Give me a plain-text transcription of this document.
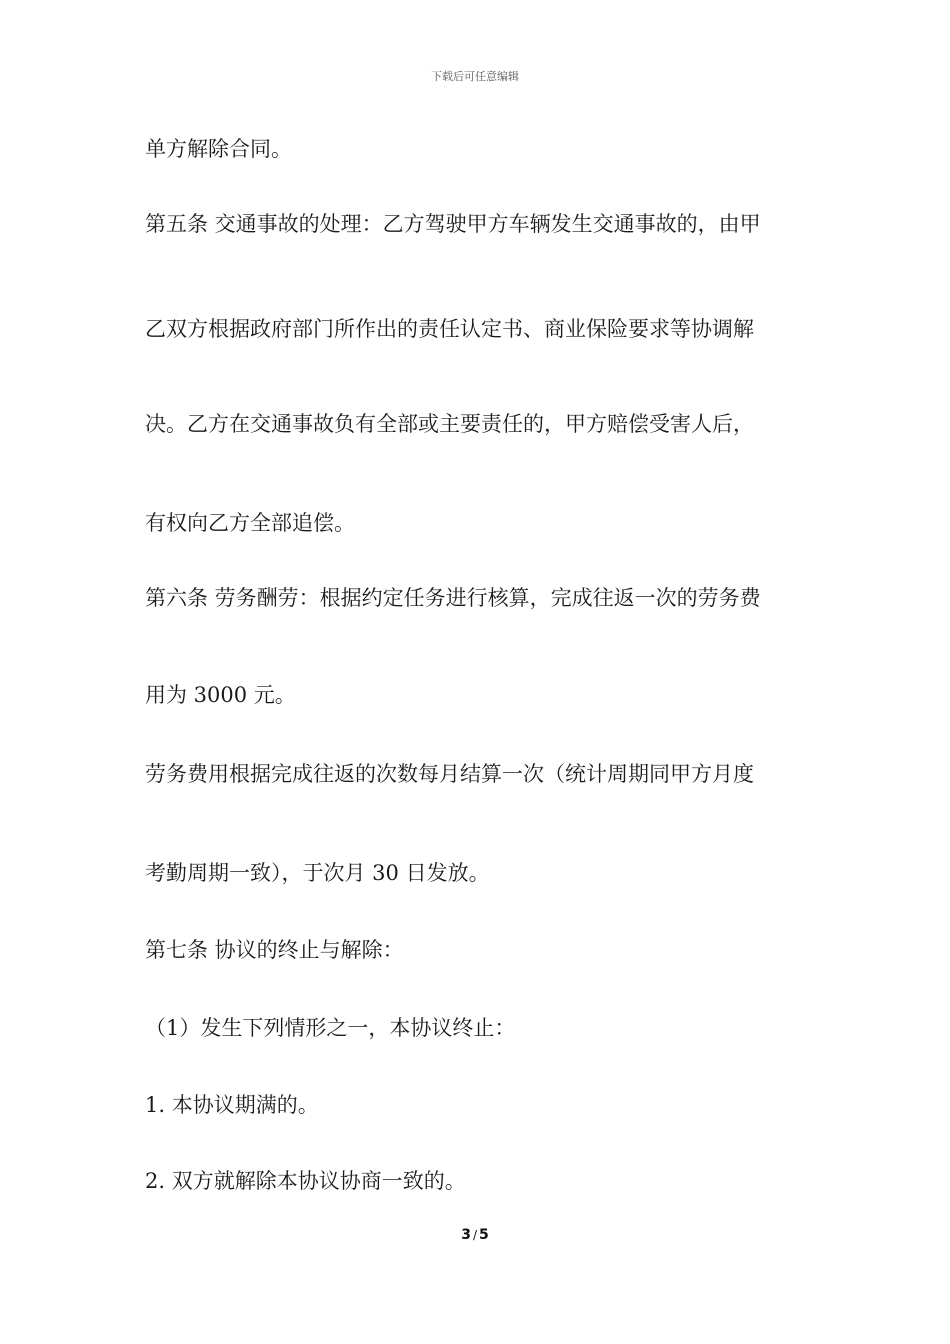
下载后可任意编辑
单方解除合同。
第五条 交通事故的处理：乙方驾驶甲方车辆发生交通事故的，由甲
乙双方根据政府部门所作出的责任认定书、商业保险要求等协调解
决。乙方在交通事故负有全部或主要责任的，甲方赔偿受害人后，
有权向乙方全部追偿。
第六条 劳务酬劳：根据约定任务进行核算，完成往返一次的劳务费
用为 3000 元。
劳务费用根据完成往返的次数每月结算一次（统计周期同甲方月度
考勤周期一致），于次月 30 日发放。
第七条 协议的终止与解除：
（1）发生下列情形之一，本协议终止：
1. 本协议期满的。
2. 双方就解除本协议协商一致的。
3 / 5
